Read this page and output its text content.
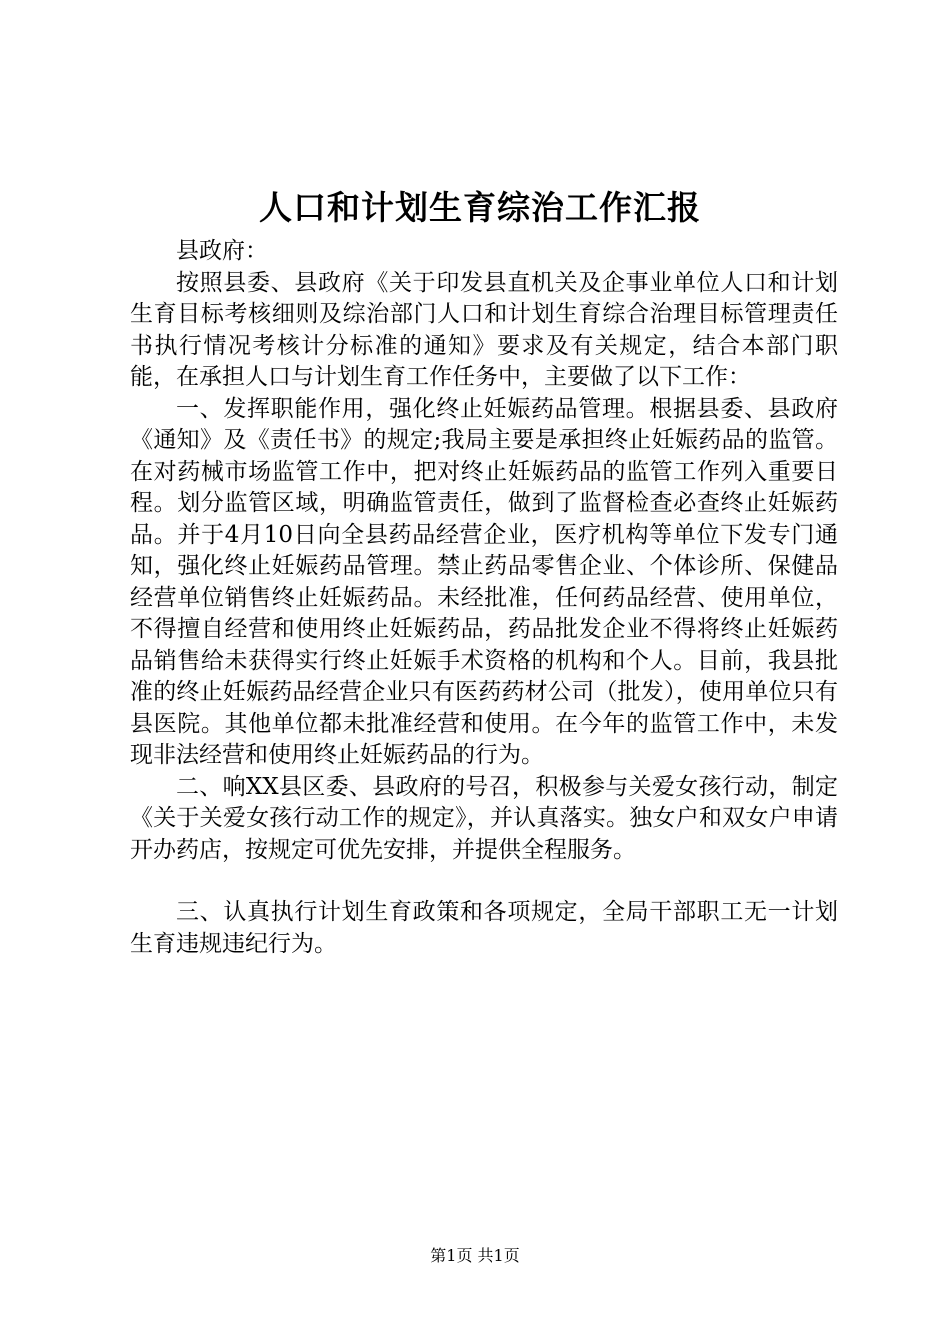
人口和计划生育综治工作汇报

县政府：

按照县委、县政府《关于印发县直机关及企事业单位人口和计划生育目标考核细则及综治部门人口和计划生育综合治理目标管理责任书执行情况考核计分标准的通知》要求及有关规定，结合本部门职能，在承担人口与计划生育工作任务中，主要做了以下工作：

一、发挥职能作用，强化终止妊娠药品管理。根据县委、县政府《通知》及《责任书》的规定;我局主要是承担终止妊娠药品的监管。在对药械市场监管工作中，把对终止妊娠药品的监管工作列入重要日程。划分监管区域，明确监管责任，做到了监督检查必查终止妊娠药品。并于4月10日向全县药品经营企业，医疗机构等单位下发专门通知，强化终止妊娠药品管理。禁止药品零售企业、个体诊所、保健品经营单位销售终止妊娠药品。未经批准，任何药品经营、使用单位，不得擅自经营和使用终止妊娠药品，药品批发企业不得将终止妊娠药品销售给未获得实行终止妊娠手术资格的机构和个人。目前，我县批准的终止妊娠药品经营企业只有医药药材公司（批发），使用单位只有县医院。其他单位都未批准经营和使用。在今年的监管工作中，未发现非法经营和使用终止妊娠药品的行为。

二、响XX县区委、县政府的号召，积极参与关爱女孩行动，制定《关于关爱女孩行动工作的规定》，并认真落实。独女户和双女户申请开办药店，按规定可优先安排，并提供全程服务。

三、认真执行计划生育政策和各项规定，全局干部职工无一计划生育违规违纪行为。

第1页 共1页
